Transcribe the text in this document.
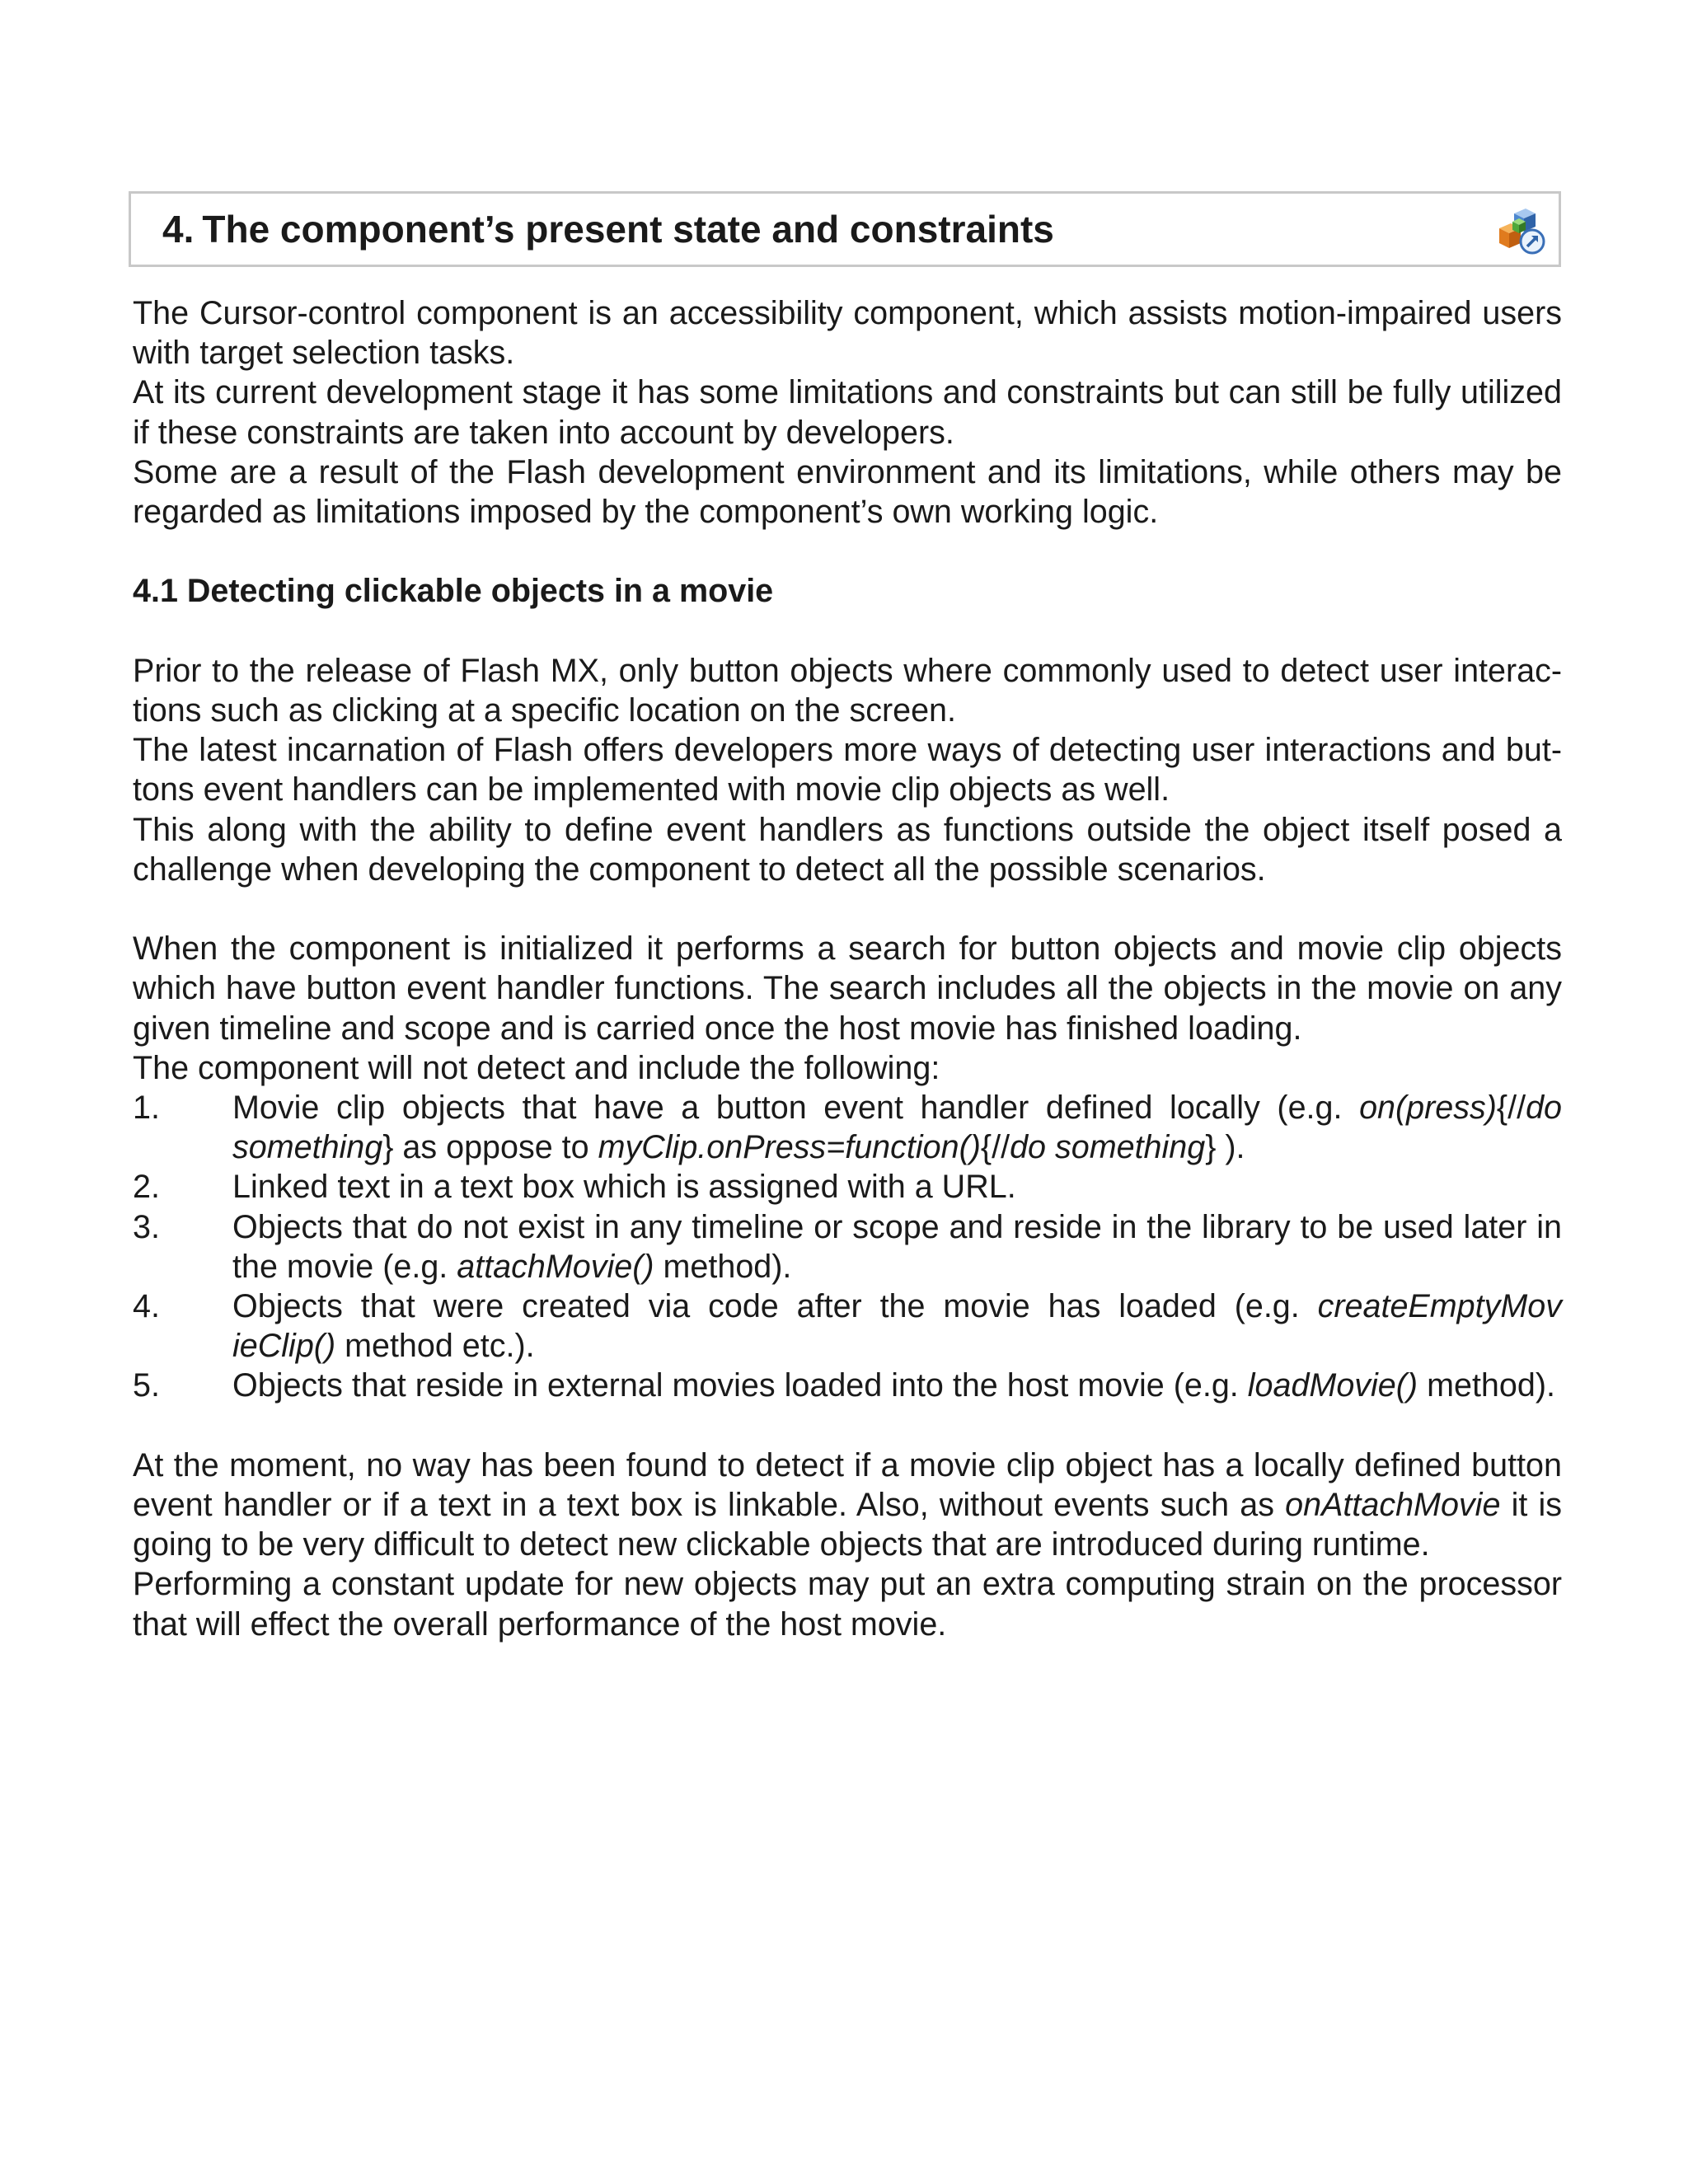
4. The component’s present state and constraints

The Cursor-control component is an accessibility component, which assists motion-impaired users with target selection tasks.

At its current development stage it has some limitations and constraints but can still be fully utilized if these constraints are taken into account by developers.

Some are a result of the Flash development environment and its limitations, while others may be regarded as limitations imposed by the component’s own working logic.

4.1 Detecting clickable objects in a movie

Prior to the release of Flash MX, only button objects where commonly used to detect user interac-tions such as clicking at a specific location on the screen.

The latest incarnation of Flash offers developers more ways of detecting user interactions and but-tons event handlers can be implemented with movie clip objects as well.

This along with the ability to define event handlers as functions outside the object itself posed a challenge when developing the component to detect all the possible scenarios.

When the component is initialized it performs a search for button objects and movie clip objects which have button event handler functions. The search includes all the objects in the movie on any given timeline and scope and is carried once the host movie has finished loading.

The component will not detect and include the following:

1. Movie clip objects that have a button event handler defined locally (e.g. on(press){//do something} as oppose to myClip.onPress=function(){//do something} ).
2. Linked text in a text box which is assigned with a URL.
3. Objects that do not exist in any timeline or scope and reside in the library to be used later in the movie (e.g. attachMovie() method).
4. Objects that were created via code after the movie has loaded (e.g. createEmptyMov ieClip() method etc.).
5. Objects that reside in external movies loaded into the host movie (e.g. loadMovie() method).

At the moment, no way has been found to detect if a movie clip object has a locally defined button event handler or if a text in a text box is linkable. Also, without events such as onAttachMovie it is going to be very difficult to detect new clickable objects that are introduced during runtime.

Performing a constant update for new objects may put an extra computing strain on the processor that will effect the overall performance of the host movie.
